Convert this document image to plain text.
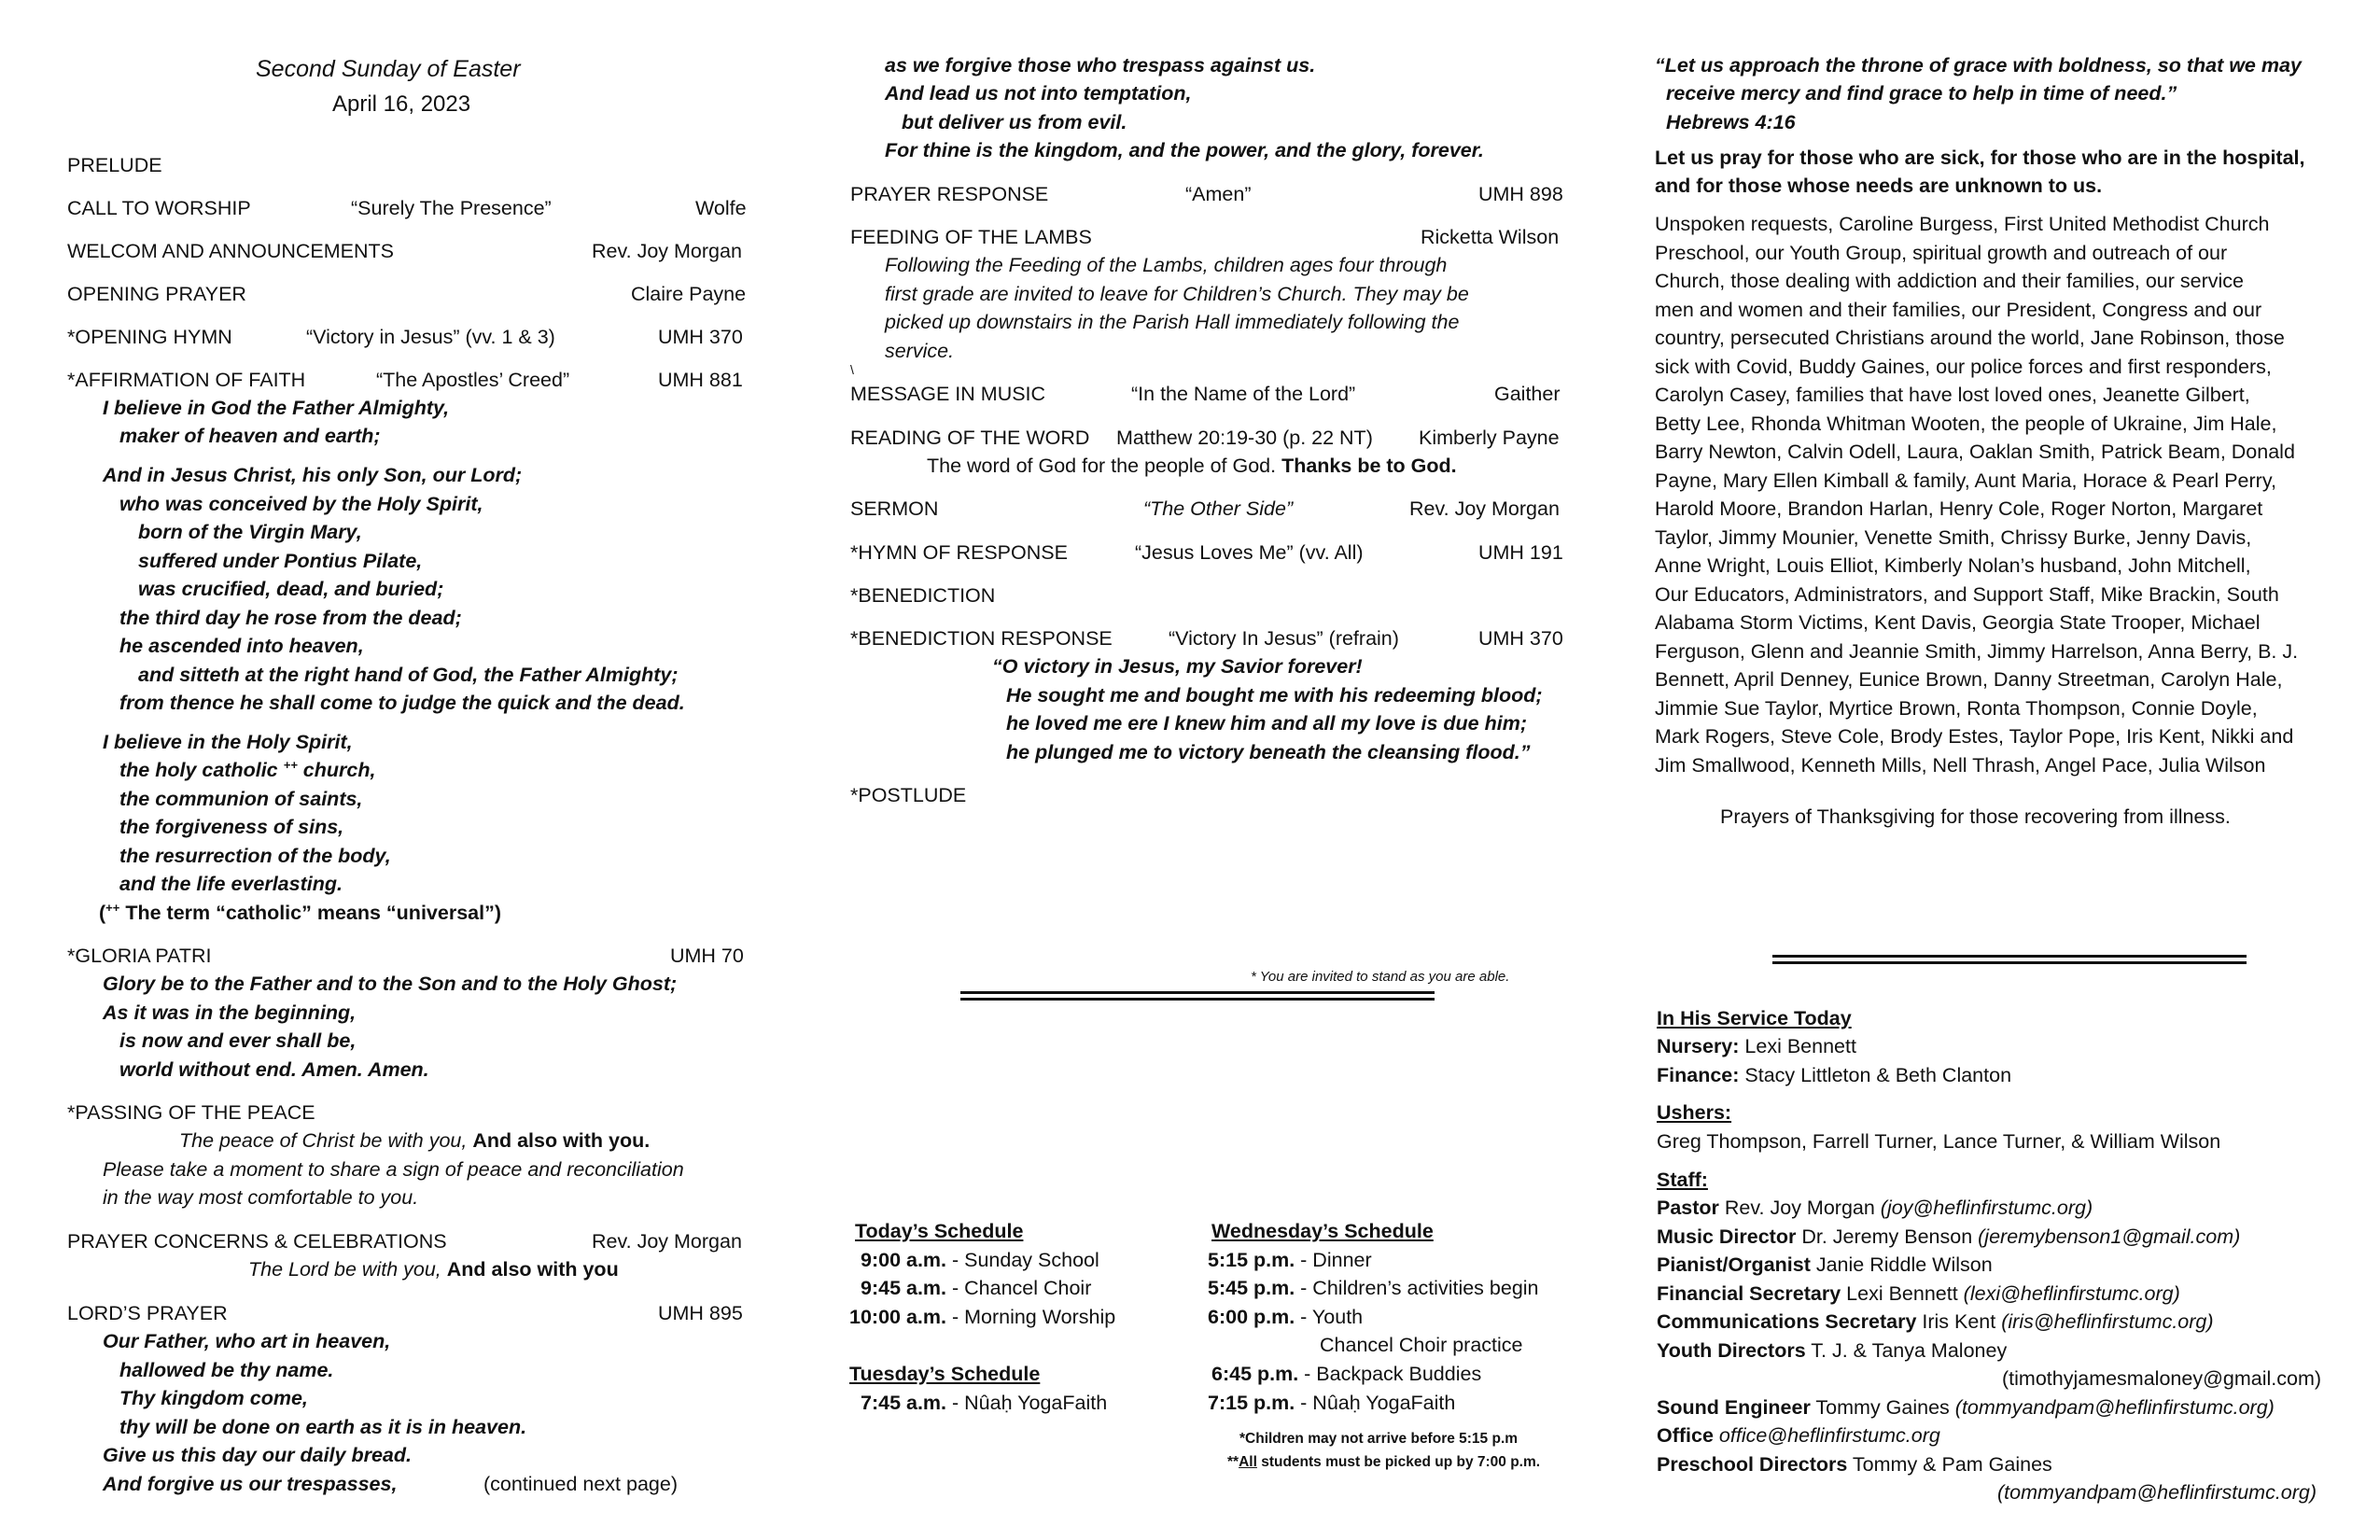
Second Sunday of Easter
April 16, 2023
PRELUDE
CALL TO WORSHIP	“Surely The Presence”	Wolfe
WELCOM AND ANNOUNCEMENTS	Rev. Joy Morgan
OPENING PRAYER	Claire Payne
*OPENING HYMN	“Victory in Jesus” (vv. 1 & 3)	UMH 370
*AFFIRMATION OF FAITH	“The Apostles’ Creed”	UMH 881
I believe in God the Father Almighty,
maker of heaven and earth;
And in Jesus Christ, his only Son, our Lord;
who was conceived by the Holy Spirit,
born of the Virgin Mary,
suffered under Pontius Pilate,
was crucified, dead, and buried;
the third day he rose from the dead;
he ascended into heaven,
and sitteth at the right hand of God, the Father Almighty;
from thence he shall come to judge the quick and the dead.
I believe in the Holy Spirit,
the holy catholic ++ church,
the communion of saints,
the forgiveness of sins,
the resurrection of the body,
and the life everlasting.
(++ The term “catholic” means “universal”)
*GLORIA PATRI	UMH 70
Glory be to the Father and to the Son and to the Holy Ghost;
As it was in the beginning,
is now and ever shall be,
world without end. Amen. Amen.
*PASSING OF THE PEACE
The peace of Christ be with you, And also with you.
Please take a moment to share a sign of peace and reconciliation
in the way most comfortable to you.
PRAYER CONCERNS & CELEBRATIONS	Rev. Joy Morgan
The Lord be with you, And also with you
LORD’S PRAYER	UMH 895
Our Father, who art in heaven,
hallowed be thy name.
Thy kingdom come,
thy will be done on earth as it is in heaven.
Give us this day our daily bread.
And forgive us our trespasses,	(continued next page)
as we forgive those who trespass against us.
And lead us not into temptation,
but deliver us from evil.
For thine is the kingdom, and the power, and the glory, forever.
PRAYER RESPONSE	“Amen”	UMH 898
FEEDING OF THE LAMBS	Ricketta Wilson
Following the Feeding of the Lambs, children ages four through
first grade are invited to leave for Children’s Church. They may be
picked up downstairs in the Parish Hall immediately following the
service.
\
MESSAGE IN MUSIC	“In the Name of the Lord”	Gaither
READING OF THE WORD Matthew 20:19-30 (p. 22 NT) Kimberly Payne
The word of God for the people of God. Thanks be to God.
SERMON	“The Other Side”	Rev. Joy Morgan
*HYMN OF RESPONSE	“Jesus Loves Me” (vv. All)	UMH 191
*BENEDICTION
*BENEDICTION RESPONSE	“Victory In Jesus” (refrain)	UMH 370
“O victory in Jesus, my Savior forever!
He sought me and bought me with his redeeming blood;
he loved me ere I knew him and all my love is due him;
he plunged me to victory beneath the cleansing flood.”
*POSTLUDE
* You are invited to stand as you are able.
Today’s Schedule
9:00 a.m. - Sunday School
9:45 a.m. - Chancel Choir
10:00 a.m. - Morning Worship
Tuesday’s Schedule
7:45 a.m. - Nûaḥ YogaFaith
Wednesday’s Schedule
5:15 p.m. - Dinner
5:45 p.m. - Children’s activities begin
6:00 p.m. - Youth
Chancel Choir practice
6:45 p.m. - Backpack Buddies
7:15 p.m. - Nûaḥ YogaFaith
*Children may not arrive before 5:15 p.m
**All students must be picked up by 7:00 p.m.
“Let us approach the throne of grace with boldness, so that we may
receive mercy and find grace to help in time of need.”
Hebrews 4:16
Let us pray for those who are sick, for those who are in the hospital,
and for those whose needs are unknown to us.
Unspoken requests, Caroline Burgess, First United Methodist Church
Preschool, our Youth Group, spiritual growth and outreach of our
Church, those dealing with addiction and their families, our service
men and women and their families, our President, Congress and our
country, persecuted Christians around the world, Jane Robinson, those
sick with Covid, Buddy Gaines, our police forces and first responders,
Carolyn Casey, families that have lost loved ones, Jeanette Gilbert,
Betty Lee, Rhonda Whitman Wooten, the people of Ukraine, Jim Hale,
Barry Newton, Calvin Odell, Laura, Oaklan Smith, Patrick Beam, Donald
Payne, Mary Ellen Kimball & family, Aunt Maria, Horace & Pearl Perry,
Harold Moore, Brandon Harlan, Henry Cole, Roger Norton, Margaret
Taylor, Jimmy Mounier, Venette Smith, Chrissy Burke, Jenny Davis,
Anne Wright, Louis Elliot, Kimberly Nolan’s husband, John Mitchell,
Our Educators, Administrators, and Support Staff, Mike Brackin, South
Alabama Storm Victims, Kent Davis, Georgia State Trooper, Michael
Ferguson, Glenn and Jeannie Smith, Jimmy Harrelson, Anna Berry, B. J.
Bennett, April Denney, Eunice Brown, Danny Streetman, Carolyn Hale,
Jimmie Sue Taylor, Myrtice Brown, Ronta Thompson, Connie Doyle,
Mark Rogers, Steve Cole, Brody Estes, Taylor Pope, Iris Kent, Nikki and
Jim Smallwood, Kenneth Mills, Nell Thrash, Angel Pace, Julia Wilson
Prayers of Thanksgiving for those recovering from illness.
In His Service Today
Nursery: Lexi Bennett
Finance: Stacy Littleton & Beth Clanton
Ushers:
Greg Thompson, Farrell Turner, Lance Turner, & William Wilson
Staff:
Pastor Rev. Joy Morgan (joy@heflinfirstumc.org)
Music Director Dr. Jeremy Benson (jeremybenson1@gmail.com)
Pianist/Organist Janie Riddle Wilson
Financial Secretary Lexi Bennett (lexi@heflinfirstumc.org)
Communications Secretary Iris Kent (iris@heflinfirstumc.org)
Youth Directors T. J. & Tanya Maloney
(timothyjamesmaloney@gmail.com)
Sound Engineer Tommy Gaines (tommyandpam@heflinfirstumc.org)
Office office@heflinfirstumc.org
Preschool Directors Tommy & Pam Gaines
(tommyandpam@heflinfirstumc.org)
